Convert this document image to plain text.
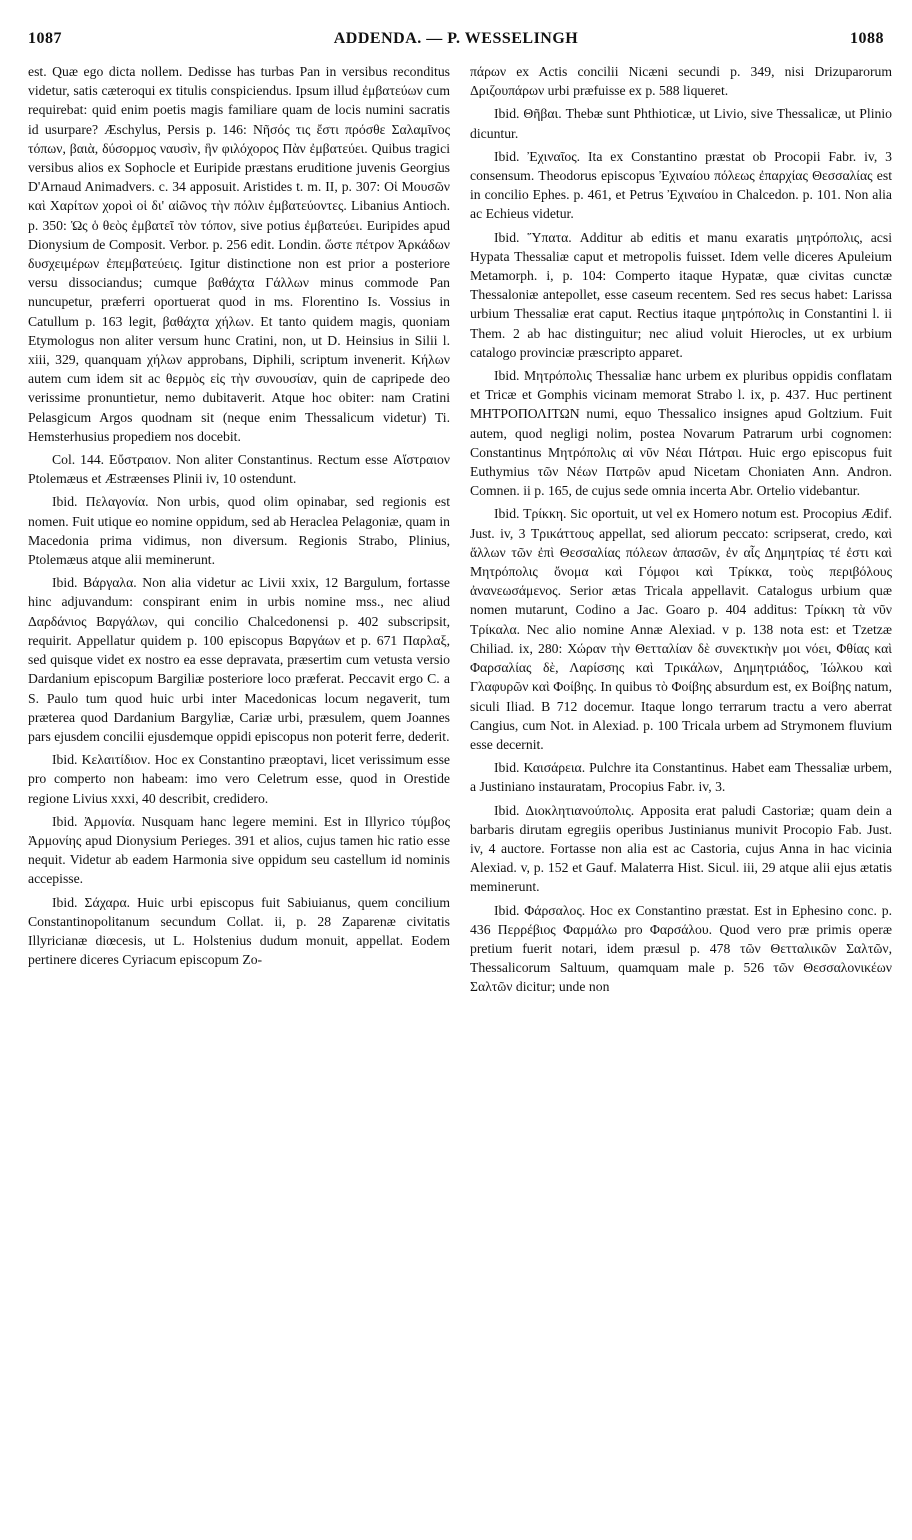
1087	ADDENDA. — P. WESSELINGH	1088

est. Quæ ego dicta nollem. Dedisse has turbas Pan in versibus reconditus videtur, satis cæteroqui ex titulis conspiciendus. Ipsum illud ἐμβατεύων cum requirebat: quid enim poetis magis familiare quam de locis numini sacratis id usurpare? Æschylus, Persis p. 146: Νῆσός τις ἔστι πρόσθε Σαλαμῖνος τόπων, βαιὰ, δύσορμος ναυσὶν, ἣν φιλόχορος Πὰν ἐμβατεύει. Quibus tragici versibus alios ex Sophocle et Euripide præstans eruditione juvenis Georgius D'Arnaud Animadvers. c. 34 apposuit. Aristides t. m. II, p. 307: Οἱ Μουσῶν καὶ Χαρίτων χοροὶ οἱ δι' αἰῶνος τὴν πόλιν ἐμβατεύοντες. Libanius Antioch. p. 350: Ὡς ὁ θεὸς ἐμβατεῖ τὸν τόπον, sive potius ἐμβατεύει. Euripides apud Dionysium de Composit. Verbor. p. 256 edit. Londin. ὥστε πέτρον Ἀρκάδων δυσχειμέρων ἐπεμβατεύεις. Igitur distinctione non est prior a posteriore versu dissociandus; cumque βαθάχτα Γάλλων minus commode Pan nuncupetur, præferri oportuerat quod in ms. Florentino Is. Vossius in Catullum p. 163 legit, βαθάχτα χήλων. Et tanto quidem magis, quoniam Etymologus non aliter versum hunc Cratini, non, ut D. Heinsius in Silii l. xiii, 329, quanquam χήλων approbans, Diphili, scriptum invenerit. Κήλων autem cum idem sit ac θερμὸς εἰς τὴν συνουσίαν, quin de capripede deo verissime pronuntietur, nemo dubitaverit. Atque hoc obiter: nam Cratini Pelasgicum Argos quodnam sit (neque enim Thessalicum videtur) Ti. Hemsterhusius propediem nos docebit.

Col. 144. Εὔστραιον. Non aliter Constantinus. Rectum esse Αἴστραιον Ptolemæus et Æstræenses Plinii iv, 10 ostendunt.

Ibid. Πελαγονία. Non urbis, quod olim opinabar, sed regionis est nomen. Fuit utique eo nomine oppidum, sed ab Heraclea Pelagoniæ, quam in Macedonia prima vidimus, non diversum. Regionis Strabo, Plinius, Ptolemæus atque alii meminerunt.

Ibid. Βάργαλα. Non alia videtur ac Livii xxix, 12 Bargulum, fortasse hinc adjuvandum: conspirant enim in urbis nomine mss., nec aliud Δαρδάνιος Βαργάλων, qui concilio Chalcedonensi p. 402 subscripsit, requirit. Appellatur quidem p. 100 episcopus Βαργάων et p. 671 Παρλαξ, sed quisque videt ex nostro ea esse depravata, præsertim cum vetusta versio Dardanium episcopum Bargiliæ posteriore loco præferat. Peccavit ergo C. a S. Paulo tum quod huic urbi inter Macedonicas locum negaverit, tum præterea quod Dardanium Bargyliæ, Cariæ urbi, præsulem, quem Joannes pars ejusdem concilii ejusdemque oppidi episcopus non poterit ferre, dederit.

Ibid. Κελαιτίδιον. Hoc ex Constantino præoptavi, licet verissimum esse pro comperto non habeam: imo vero Celetrum esse, quod in Orestide regione Livius xxxi, 40 describit, crediderο.

Ibid. Ἀρμονία. Nusquam hanc legere memini. Est in Illyrico τύμβος Ἀρμονίης apud Dionysium Perieges. 391 et alios, cujus tamen hic ratio esse nequit. Videtur ab eadem Harmonia sive oppidum seu castellum id nominis accepisse.

Ibid. Σάχαρα. Huic urbi episcopus fuit Sabiuianus, quem concilium Constantinopolitanum secundum Collat. ii, p. 28 Zaparenæ civitatis Illyricianæ diœcesis, ut L. Holstenius dudum monuit, appellat. Eodem pertinere diceres Cyriacum episcopum Zo-

πάρων ex Actis concilii Nicæni secundi p. 349, nisi Drizuparorum Δριζουπάρων urbi præfuisse ex p. 588 liqueret.

Ibid. Θῆβαι. Thebæ sunt Phthioticæ, ut Livio, sive Thessalicæ, ut Plinio dicuntur.

Ibid. Ἐχιναῖος. Ita ex Constantino præstat ob Procopii Fabr. iv, 3 consensum. Theodorus episcopus Ἐχιναίου πόλεως ἐπαρχίας Θεσσαλίας est in concilio Ephes. p. 461, et Petrus Ἐχιναίου in Chalcedon. p. 101. Non alia ac Echieus videtur.

Ibid. Ὕπατα. Additur ab editis et manu exaratis μητρόπολις, acsi Hypata Thessaliæ caput et metropolis fuisset. Idem velle diceres Apuleium Metamorph. i, p. 104: Comperto itaque Hypatæ, quæ civitas cunctæ Thessaloniæ antepollet, esse caseum recentem. Sed res secus habet: Larissa urbium Thessaliæ erat caput. Rectius itaque μητρόπολις in Constantini l. ii Them. 2 ab hac distinguitur; nec aliud voluit Hierocles, ut ex urbium catalogo provinciæ præscripto apparet.

Ibid. Μητρόπολις Thessaliæ hanc urbem ex pluribus oppidis conflatam et Tricæ et Gomphis vicinam memorat Strabo l. ix, p. 437. Huc pertinent ΜΗΤΡΟΠΟΛΙΤΩΝ numi, equo Thessalico insignes apud Goltzium. Fuit autem, quod negligi nolim, postea Novarum Patrarum urbi cognomen: Constantinus Μητρόπολις αἱ νῦν Νέαι Πάτραι. Huic ergo episcopus fuit Euthymius τῶν Νέων Πατρῶν apud Nicetam Choniaten Ann. Andron. Comnen. ii p. 165, de cujus sede omnia incerta Abr. Ortelio videbantur.

Ibid. Τρίκκη. Sic oportuit, ut vel ex Homero notum est. Procopius Ædif. Just. iv, 3 Τρικάττους appellat, sed aliorum peccato: scripserat, credo, καὶ ἄλλων τῶν ἐπὶ Θεσσαλίας πόλεων ἁπασῶν, ἐν αἷς Δημητρίας τέ ἐστι καὶ Μητρόπολις ὄνομα καὶ Γόμφοι καὶ Τρίκκα, τοὺς περιβόλους ἀνανεωσάμενος. Serior ætas Tricala appellavit. Catalogus urbium quæ nomen mutarunt, Codino a Jac. Goaro p. 404 additus: Τρίκκη τὰ νῦν Τρίκαλα. Nec alio nomine Annæ Alexiad. v p. 138 nota est: et Tzetzæ Chiliad. ix, 280: Χώραν τὴν Θετταλίαν δὲ συνεκτικὴν μοι νόει, Φθίας καὶ Φαρσαλίας δὲ, Λαρίσσης καὶ Τρικάλων, Δημητριάδος, Ἰώλκου καὶ Γλαφυρῶν καὶ Φοίβης. In quibus τὸ Φοίβης absurdum est, ex Βοίβης natum, siculi Iliad. B 712 docemur. Itaque longo terrarum tractu a vero aberrat Cangius, cum Not. in Alexiad. p. 100 Tricala urbem ad Strymonem fluvium esse decernit.

Ibid. Καισάρεια. Pulchre ita Constantinus. Habet eam Thessaliæ urbem, a Justiniano instauratam, Procopius Fabr. iv, 3.

Ibid. Διοκλητιανούπολις. Apposita erat paludi Castoriæ; quam dein a barbaris dirutam egregiis operibus Justinianus munivit Procopio Fab. Just. iv, 4 auctore. Fortasse non alia est ac Castoria, cujus Anna in hac vicinia Alexiad. v, p. 152 et Gauf. Malaterra Hist. Sicul. iii, 29 atque alii ejus ætatis meminerunt.

Ibid. Φάρσαλος. Hoc ex Constantino præstat. Est in Ephesino conc. p. 436 Περρέβιος Φαρμάλω pro Φαρσάλου. Quod vero præ primis operæ pretium fuerit notari, idem præsul p. 478 τῶν Θετταλικῶν Σαλτῶν, Thessalicorum Saltuum, quamquam male p. 526 τῶν Θεσσαλονικέων Σαλτῶν dicitur; unde non
